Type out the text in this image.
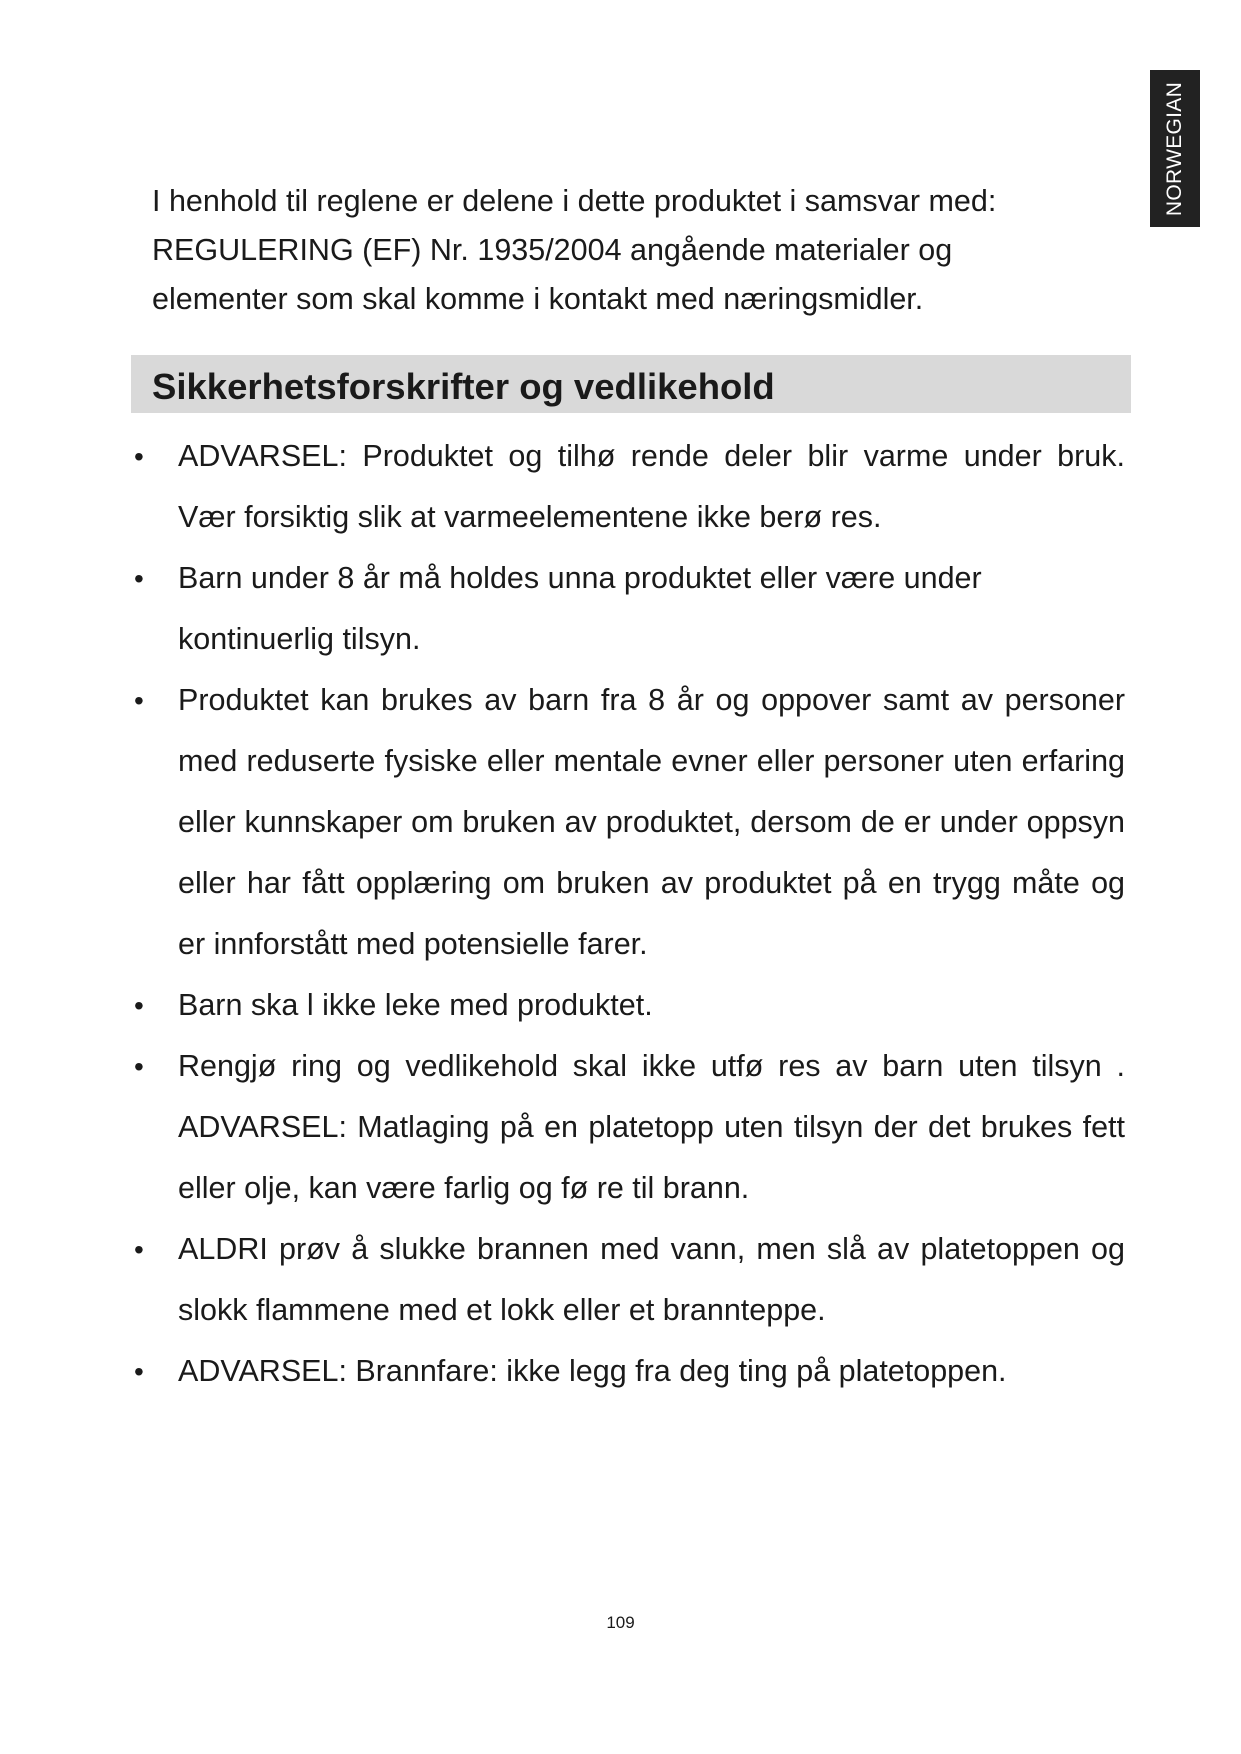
NORWEGIAN

I henhold til reglene er delene i dette produktet i samsvar med: REGULERING (EF) Nr. 1935/2004 angående materialer og elementer som skal komme i kontakt med næringsmidler.

Sikkerhetsforskrifter og vedlikehold
• ADVARSEL: Produktet og tilhø rende deler blir varme under bruk. Vær forsiktig slik at varmeelementene ikke berø res.
• Barn under 8 år må holdes unna produktet eller være under kontinuerlig tilsyn.
• Produktet kan brukes av barn fra 8 år og oppover samt av personer med reduserte fysiske eller mentale evner eller personer uten erfaring eller kunnskaper om bruken av produktet, dersom de er under oppsyn eller har fått opplæring om bruken av produktet på en trygg måte og er innforstått med potensielle farer.
• Barn ska l ikke leke med produktet.
• Rengjø ring og vedlikehold skal ikke utfø res av barn uten tilsyn . ADVARSEL: Matlaging på en platetopp uten tilsyn der det brukes fett eller olje, kan være farlig og fø re til brann.
• ALDRI prøv å slukke brannen med vann, men slå av platetoppen og slokk flammene med et lokk eller et brannteppe.
• ADVARSEL: Brannfare: ikke legg fra deg ting på platetoppen.

109
